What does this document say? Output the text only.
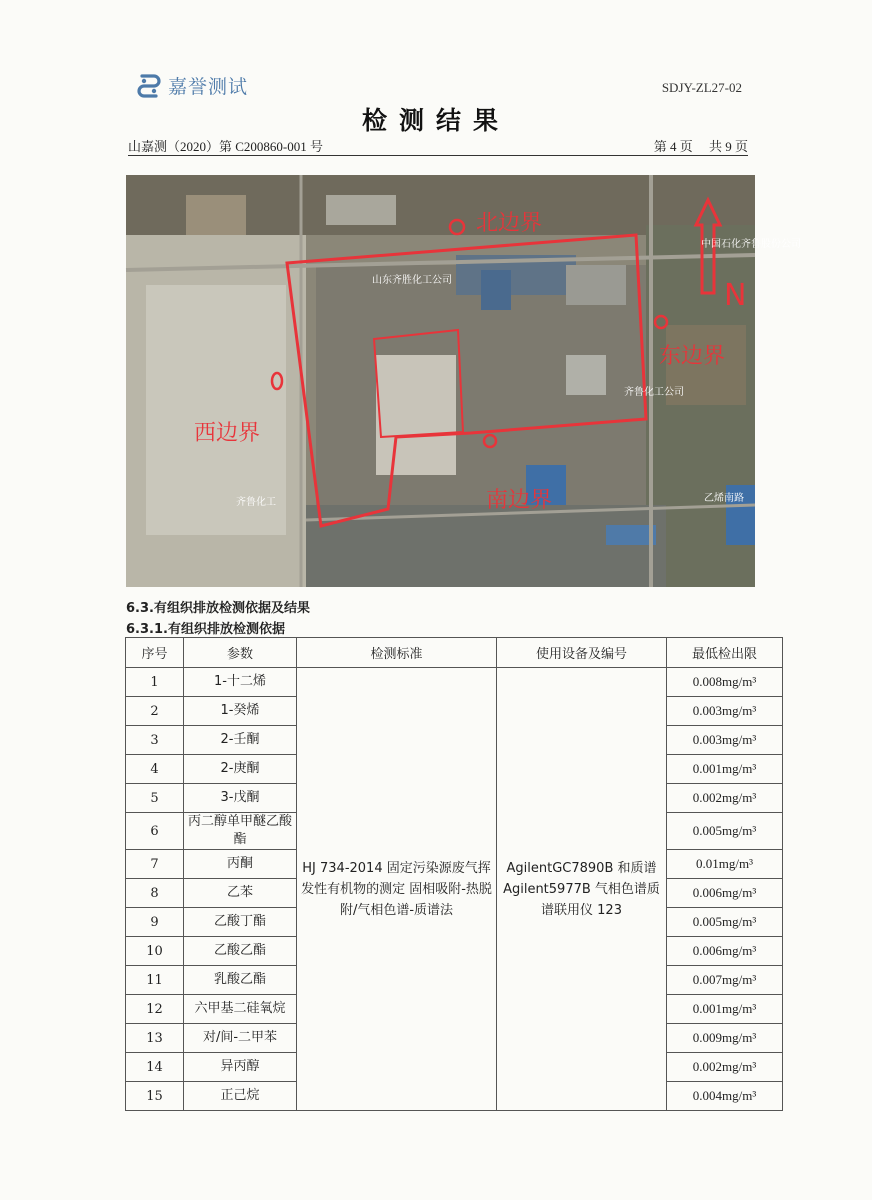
嘉誉测试	SDJY-ZL27-02
检测结果
山嘉测（2020）第 C200860-001 号	第 4 页　 共 9 页
N
北边界
东边界
南边界
西边界
山东齐胜化工公司
中国石化齐鲁股份公司
齐鲁化工
齐鲁化工公司
乙烯南路
6.3.有组织排放检测依据及结果
6.3.1.有组织排放检测依据
序号	参数	检测标准	使用设备及编号	最低检出限
1	1-十二烯	HJ 734-2014 固定污染源废气挥发性有机物的测定 固相吸附-热脱附/气相色谱-质谱法	AgilentGC7890B 和质谱Agilent5977B 气相色谱质谱联用仪 123	0.008mg/m³
2	1-癸烯			0.003mg/m³
3	2-壬酮			0.003mg/m³
4	2-庚酮			0.001mg/m³
5	3-戊酮			0.002mg/m³
6	丙二醇单甲醚乙酸酯			0.005mg/m³
7	丙酮			0.01mg/m³
8	乙苯			0.006mg/m³
9	乙酸丁酯			0.005mg/m³
10	乙酸乙酯			0.006mg/m³
11	乳酸乙酯			0.007mg/m³
12	六甲基二硅氧烷			0.001mg/m³
13	对/间-二甲苯			0.009mg/m³
14	异丙醇			0.002mg/m³
15	正己烷			0.004mg/m³
